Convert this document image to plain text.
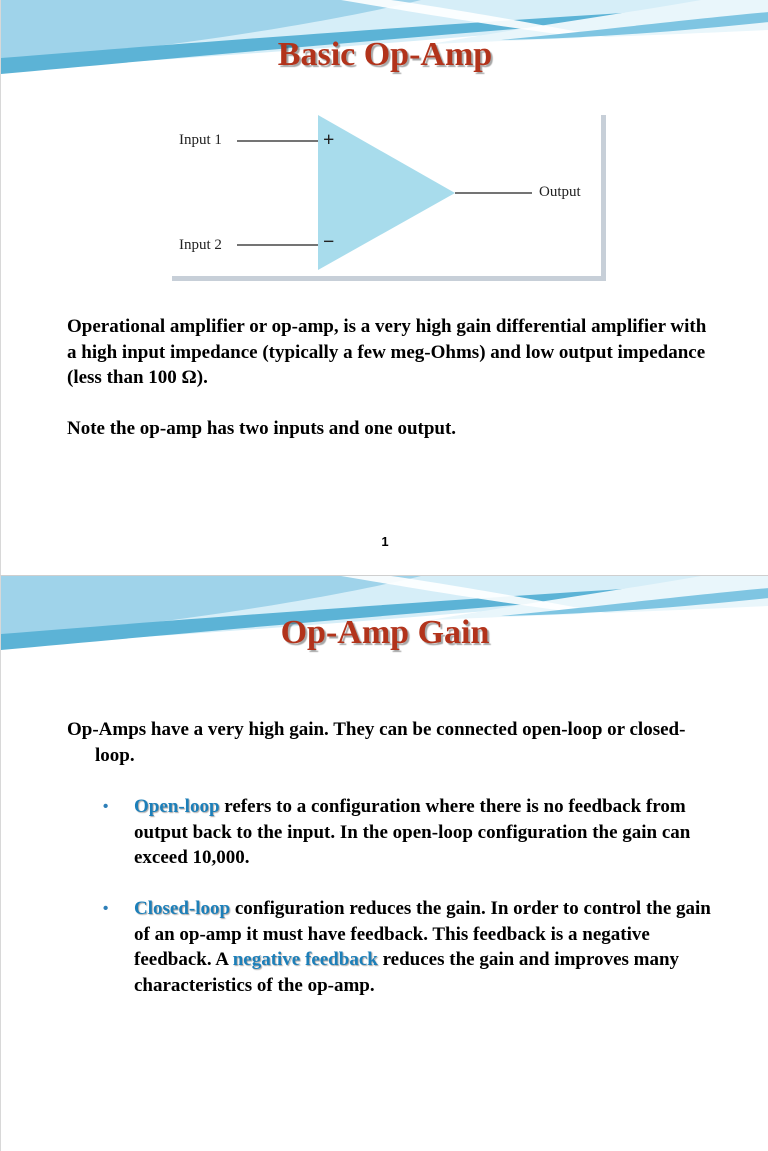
Basic Op-Amp
Input 1
Input 2
Output
+
−

Operational amplifier or op-amp, is a very high gain differential amplifier with a high input impedance (typically a few meg-Ohms) and low output impedance (less than 100 Ω).

Note the op-amp has two inputs and one output.

1
Op-Amp Gain
Op-Amps have a very high gain. They can be connected open-loop or closed-loop.
• Open-loop refers to a configuration where there is no feedback from output back to the input. In the open-loop configuration the gain can exceed 10,000.
• Closed-loop configuration reduces the gain. In order to control the gain of an op-amp it must have feedback. This feedback is a negative feedback. A negative feedback reduces the gain and improves many characteristics of the op-amp.
